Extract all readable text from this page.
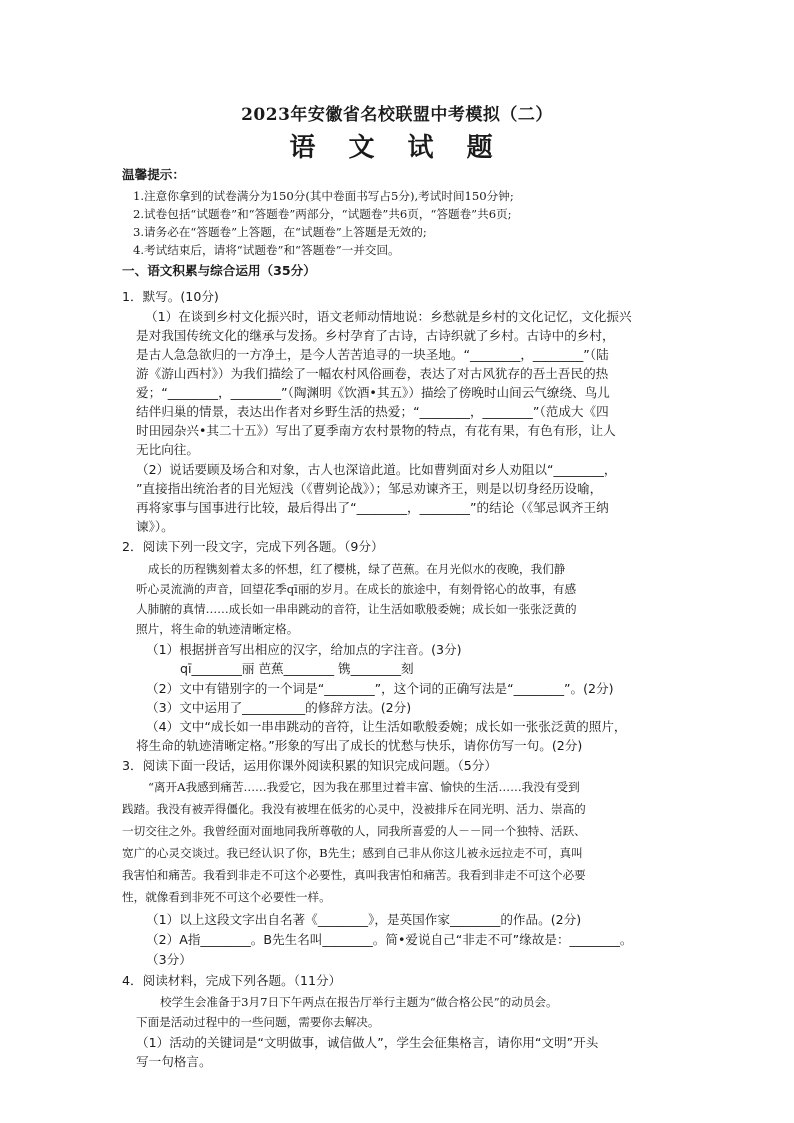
2023年安徽省名校联盟中考模拟（二）
语 文 试 题
温馨提示：
1.注意你拿到的试卷满分为150分(其中卷面书写占5分),考试时间150分钟;
2.试卷包括“试题卷”和“答题卷”两部分，“试题卷”共6页，“答题卷”共6页;
3.请务必在“答题卷”上答题，在“试题卷”上答题是无效的;
4.考试结束后，请将“试题卷”和“答题卷”一并交回。
一、语文积累与综合运用（35分）
1．默写。(10分)
（1）在谈到乡村文化振兴时，语文老师动情地说：乡愁就是乡村的文化记忆，文化振兴
是对我国传统文化的继承与发扬。乡村孕育了古诗，古诗织就了乡村。古诗中的乡村，
是古人急急欲归的一方净土，是今人苦苦追寻的一块圣地。“________，________”（陆
游《游山西村》）为我们描绘了一幅农村风俗画卷，表达了对古风犹存的吾土吾民的热
爱；“________，________”（陶渊明《饮酒•其五》）描绘了傍晚时山间云气缭绕、鸟儿
结伴归巢的情景，表达出作者对乡野生活的热爱；“________，________”（范成大《四
时田园杂兴•其二十五》）写出了夏季南方农村景物的特点，有花有果，有色有形，让人
无比向往。
（2）说话要顾及场合和对象，古人也深谙此道。比如曹刿面对乡人劝阻以“________，
”直接指出统治者的目光短浅（《曹刿论战》）；邹忌劝谏齐王，则是以切身经历设喻，
再将家事与国事进行比较，最后得出了“________，________”的结论（《邹忌讽齐王纳
谏》）。
2．阅读下列一段文字，完成下列各题。（9分）
成长的历程镌刻着太多的怀想，红了樱桃，绿了芭蕉。在月光似水的夜晚，我们静
听心灵流淌的声音，回望花季qī丽的岁月。在成长的旅途中，有刻骨铭心的故事，有感
人肺腑的真情……成长如一串串跳动的音符，让生活如歌般委婉；成长如一张张泛黄的
照片，将生命的轨迹清晰定格。
（1）根据拼音写出相应的汉字，给加点的字注音。(3分)
qī________丽 芭蕉________ 镌________刻
（2）文中有错别字的一个词是“________”，这个词的正确写法是“________”。(2分)
（3）文中运用了__________的修辞方法。(2分)
（4）文中“成长如一串串跳动的音符，让生活如歌般委婉；成长如一张张泛黄的照片，
将生命的轨迹清晰定格。”形象的写出了成长的忧愁与快乐，请你仿写一句。(2分)
3．阅读下面一段话，运用你课外阅读积累的知识完成问题。（5分）
“离开A我感到痛苦……我爱它，因为我在那里过着丰富、愉快的生活……我没有受到
践踏。我没有被弄得僵化。我没有被埋在低劣的心灵中，没被排斥在同光明、活力、崇高的
一切交往之外。我曾经面对面地同我所尊敬的人，同我所喜爱的人－－同一个独特、活跃、
宽广的心灵交谈过。我已经认识了你，B先生；感到自己非从你这儿被永远拉走不可，真叫
我害怕和痛苦。我看到非走不可这个必要性，真叫我害怕和痛苦。我看到非走不可这个必要
性，就像看到非死不可这个必要性一样。
（1）以上这段文字出自名著《________》，是英国作家________的作品。(2分)
（2）A指________。B先生名叫________。简•爱说自己“非走不可”缘故是：________。
（3分）
4．阅读材料，完成下列各题。（11分）
校学生会准备于3月7日下午两点在报告厅举行主题为“做合格公民”的动员会。
下面是活动过程中的一些问题，需要你去解决。
（1）活动的关键词是“文明做事，诚信做人”，学生会征集格言，请你用“文明”开头
写一句格言。
